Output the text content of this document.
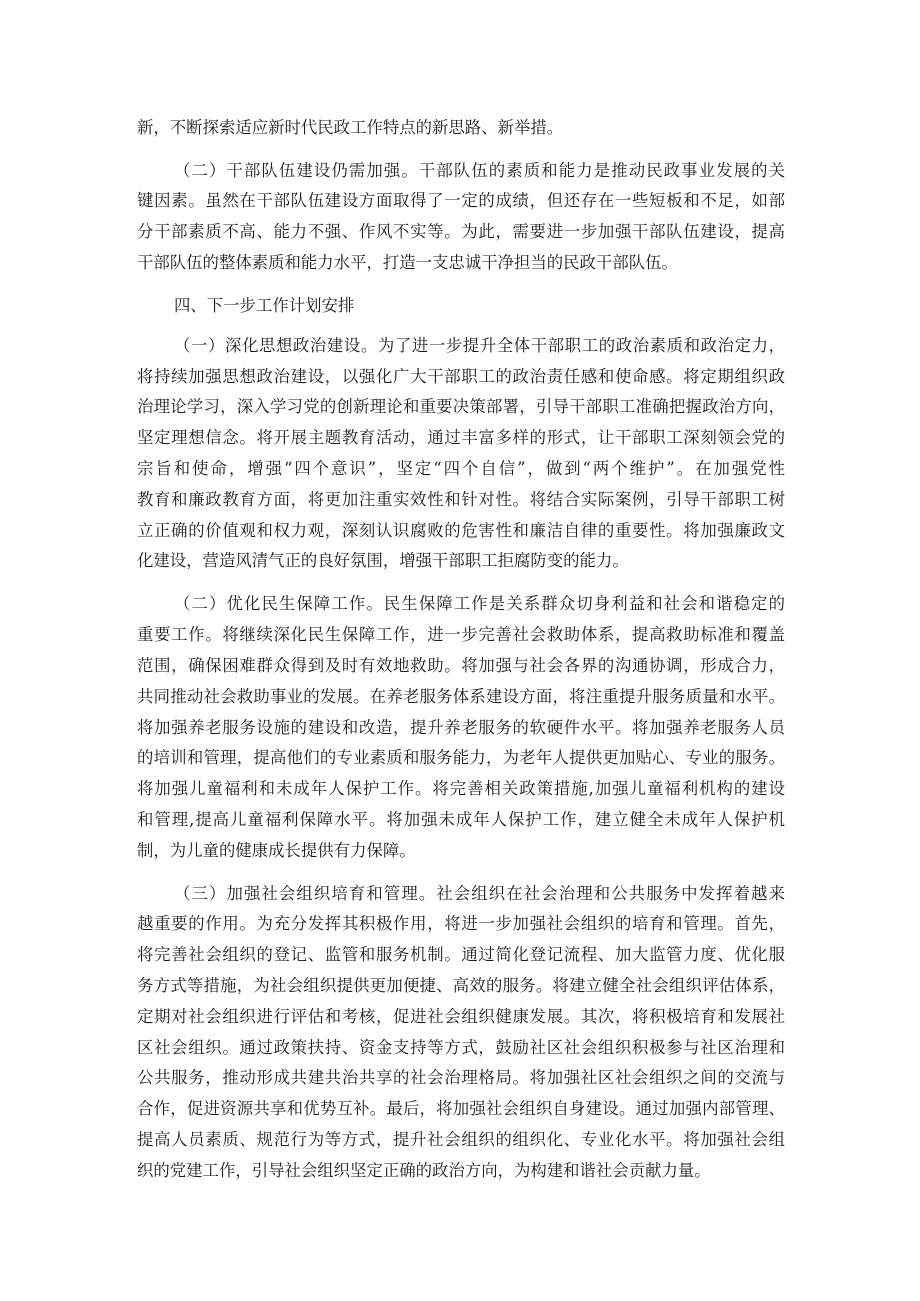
新，不断探索适应新时代民政工作特点的新思路、新举措。
（二）干部队伍建设仍需加强。干部队伍的素质和能力是推动民政事业发展的关
键因素。虽然在干部队伍建设方面取得了一定的成绩，但还存在一些短板和不足，如部
分干部素质不高、能力不强、作风不实等。为此，需要进一步加强干部队伍建设，提高
干部队伍的整体素质和能力水平，打造一支忠诚干净担当的民政干部队伍。
四、下一步工作计划安排
（一）深化思想政治建设。为了进一步提升全体干部职工的政治素质和政治定力，
将持续加强思想政治建设，以强化广大干部职工的政治责任感和使命感。将定期组织政
治理论学习，深入学习党的创新理论和重要决策部署，引导干部职工准确把握政治方向，
坚定理想信念。将开展主题教育活动，通过丰富多样的形式，让干部职工深刻领会党的
宗旨和使命，增强“四个意识”，坚定“四个自信”，做到“两个维护”。在加强党性
教育和廉政教育方面，将更加注重实效性和针对性。将结合实际案例，引导干部职工树
立正确的价值观和权力观，深刻认识腐败的危害性和廉洁自律的重要性。将加强廉政文
化建设，营造风清气正的良好氛围，增强干部职工拒腐防变的能力。
（二）优化民生保障工作。民生保障工作是关系群众切身利益和社会和谐稳定的
重要工作。将继续深化民生保障工作，进一步完善社会救助体系，提高救助标准和覆盖
范围，确保困难群众得到及时有效地救助。将加强与社会各界的沟通协调，形成合力，
共同推动社会救助事业的发展。在养老服务体系建设方面，将注重提升服务质量和水平。
将加强养老服务设施的建设和改造，提升养老服务的软硬件水平。将加强养老服务人员
的培训和管理，提高他们的专业素质和服务能力，为老年人提供更加贴心、专业的服务。
将加强儿童福利和未成年人保护工作。将完善相关政策措施,加强儿童福利机构的建设
和管理,提高儿童福利保障水平。将加强未成年人保护工作，建立健全未成年人保护机
制，为儿童的健康成长提供有力保障。
（三）加强社会组织培育和管理。社会组织在社会治理和公共服务中发挥着越来
越重要的作用。为充分发挥其积极作用，将进一步加强社会组织的培育和管理。首先，
将完善社会组织的登记、监管和服务机制。通过简化登记流程、加大监管力度、优化服
务方式等措施，为社会组织提供更加便捷、高效的服务。将建立健全社会组织评估体系，
定期对社会组织进行评估和考核，促进社会组织健康发展。其次，将积极培育和发展社
区社会组织。通过政策扶持、资金支持等方式，鼓励社区社会组织积极参与社区治理和
公共服务，推动形成共建共治共享的社会治理格局。将加强社区社会组织之间的交流与
合作，促进资源共享和优势互补。最后，将加强社会组织自身建设。通过加强内部管理、
提高人员素质、规范行为等方式，提升社会组织的组织化、专业化水平。将加强社会组
织的党建工作，引导社会组织坚定正确的政治方向，为构建和谐社会贡献力量。
